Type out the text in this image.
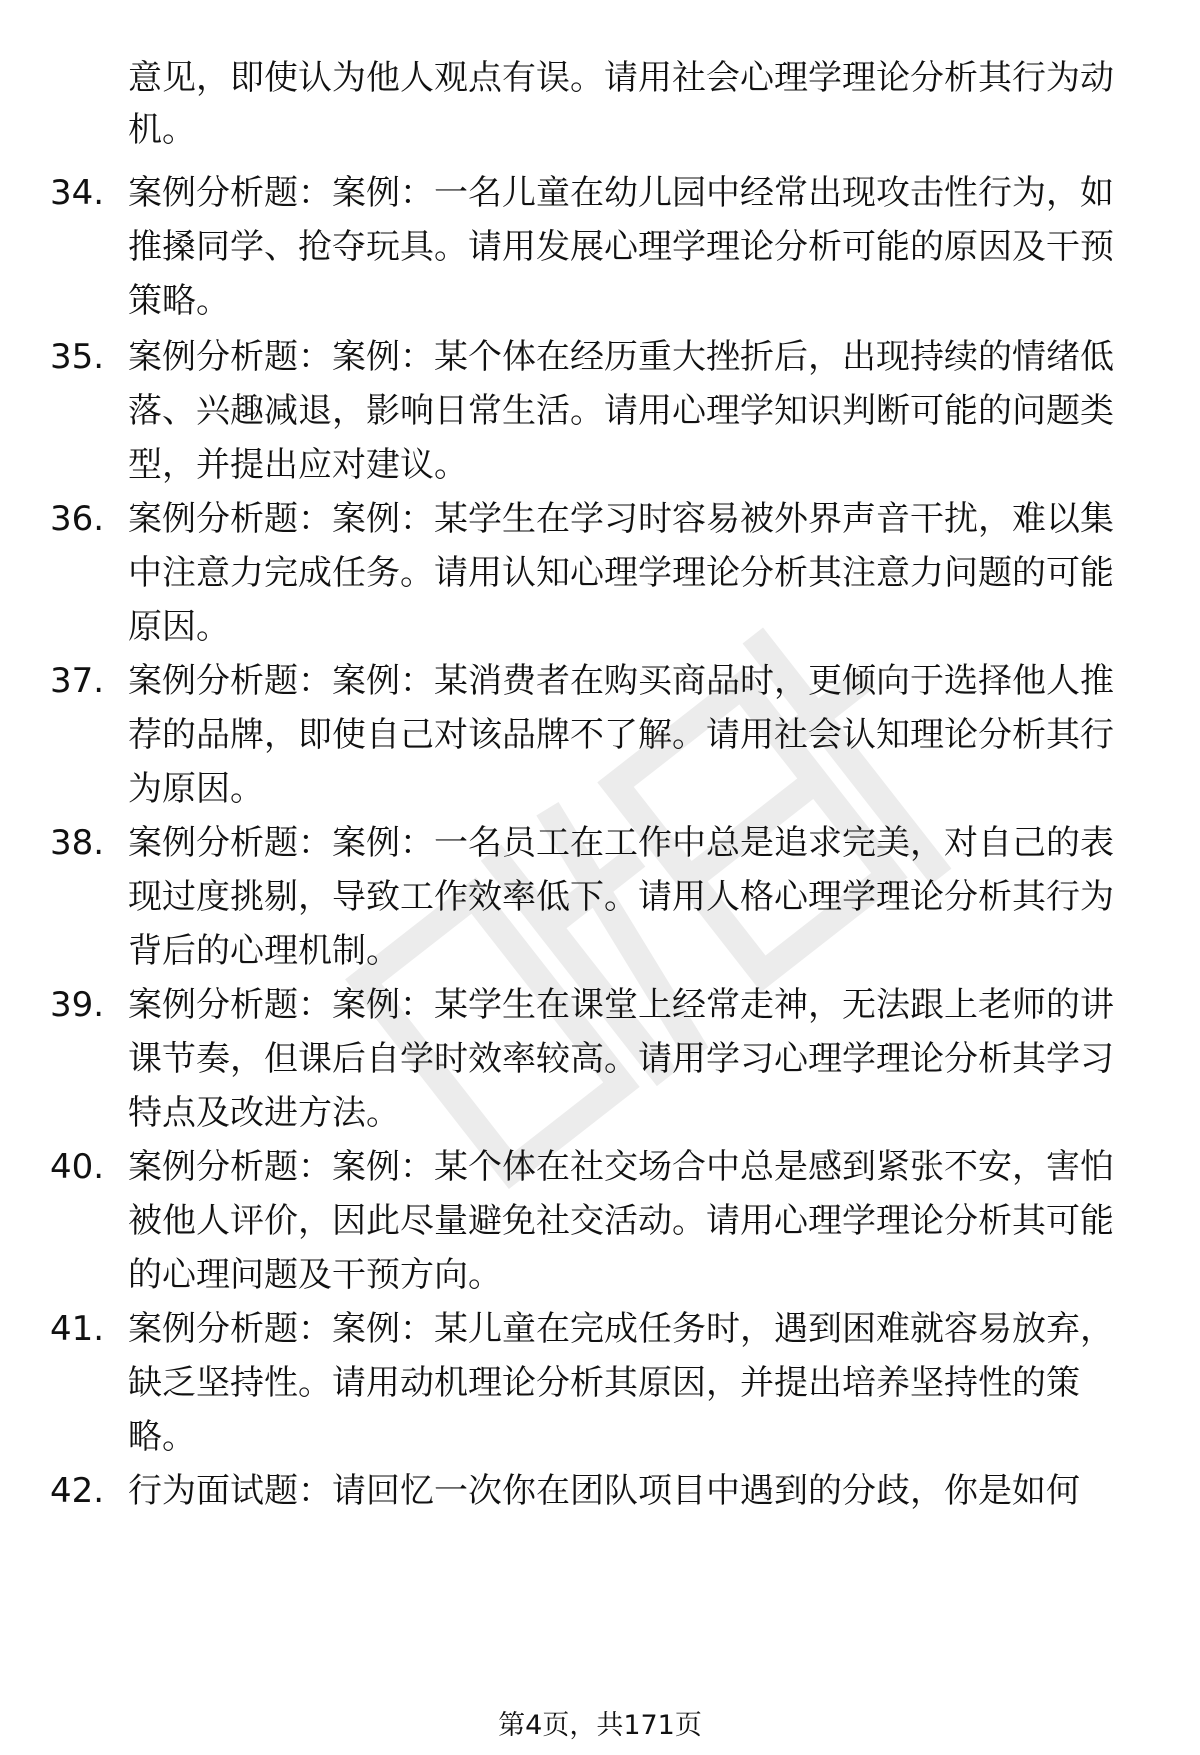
意见，即使认为他人观点有误。请用社会心理学理论分析其行为动机。
34. 案例分析题：案例：一名儿童在幼儿园中经常出现攻击性行为，如推搡同学、抢夺玩具。请用发展心理学理论分析可能的原因及干预策略。
35. 案例分析题：案例：某个体在经历重大挫折后，出现持续的情绪低落、兴趣减退，影响日常生活。请用心理学知识判断可能的问题类型，并提出应对建议。
36. 案例分析题：案例：某学生在学习时容易被外界声音干扰，难以集中注意力完成任务。请用认知心理学理论分析其注意力问题的可能原因。
37. 案例分析题：案例：某消费者在购买商品时，更倾向于选择他人推荐的品牌，即使自己对该品牌不了解。请用社会认知理论分析其行为原因。
38. 案例分析题：案例：一名员工在工作中总是追求完美，对自己的表现过度挑剔，导致工作效率低下。请用人格心理学理论分析其行为背后的心理机制。
39. 案例分析题：案例：某学生在课堂上经常走神，无法跟上老师的讲课节奏，但课后自学时效率较高。请用学习心理学理论分析其学习特点及改进方法。
40. 案例分析题：案例：某个体在社交场合中总是感到紧张不安，害怕被他人评价，因此尽量避免社交活动。请用心理学理论分析其可能的心理问题及干预方向。
41. 案例分析题：案例：某儿童在完成任务时，遇到困难就容易放弃，缺乏坚持性。请用动机理论分析其原因，并提出培养坚持性的策略。
42. 行为面试题：请回忆一次你在团队项目中遇到的分歧，你是如何
第4页，共171页
